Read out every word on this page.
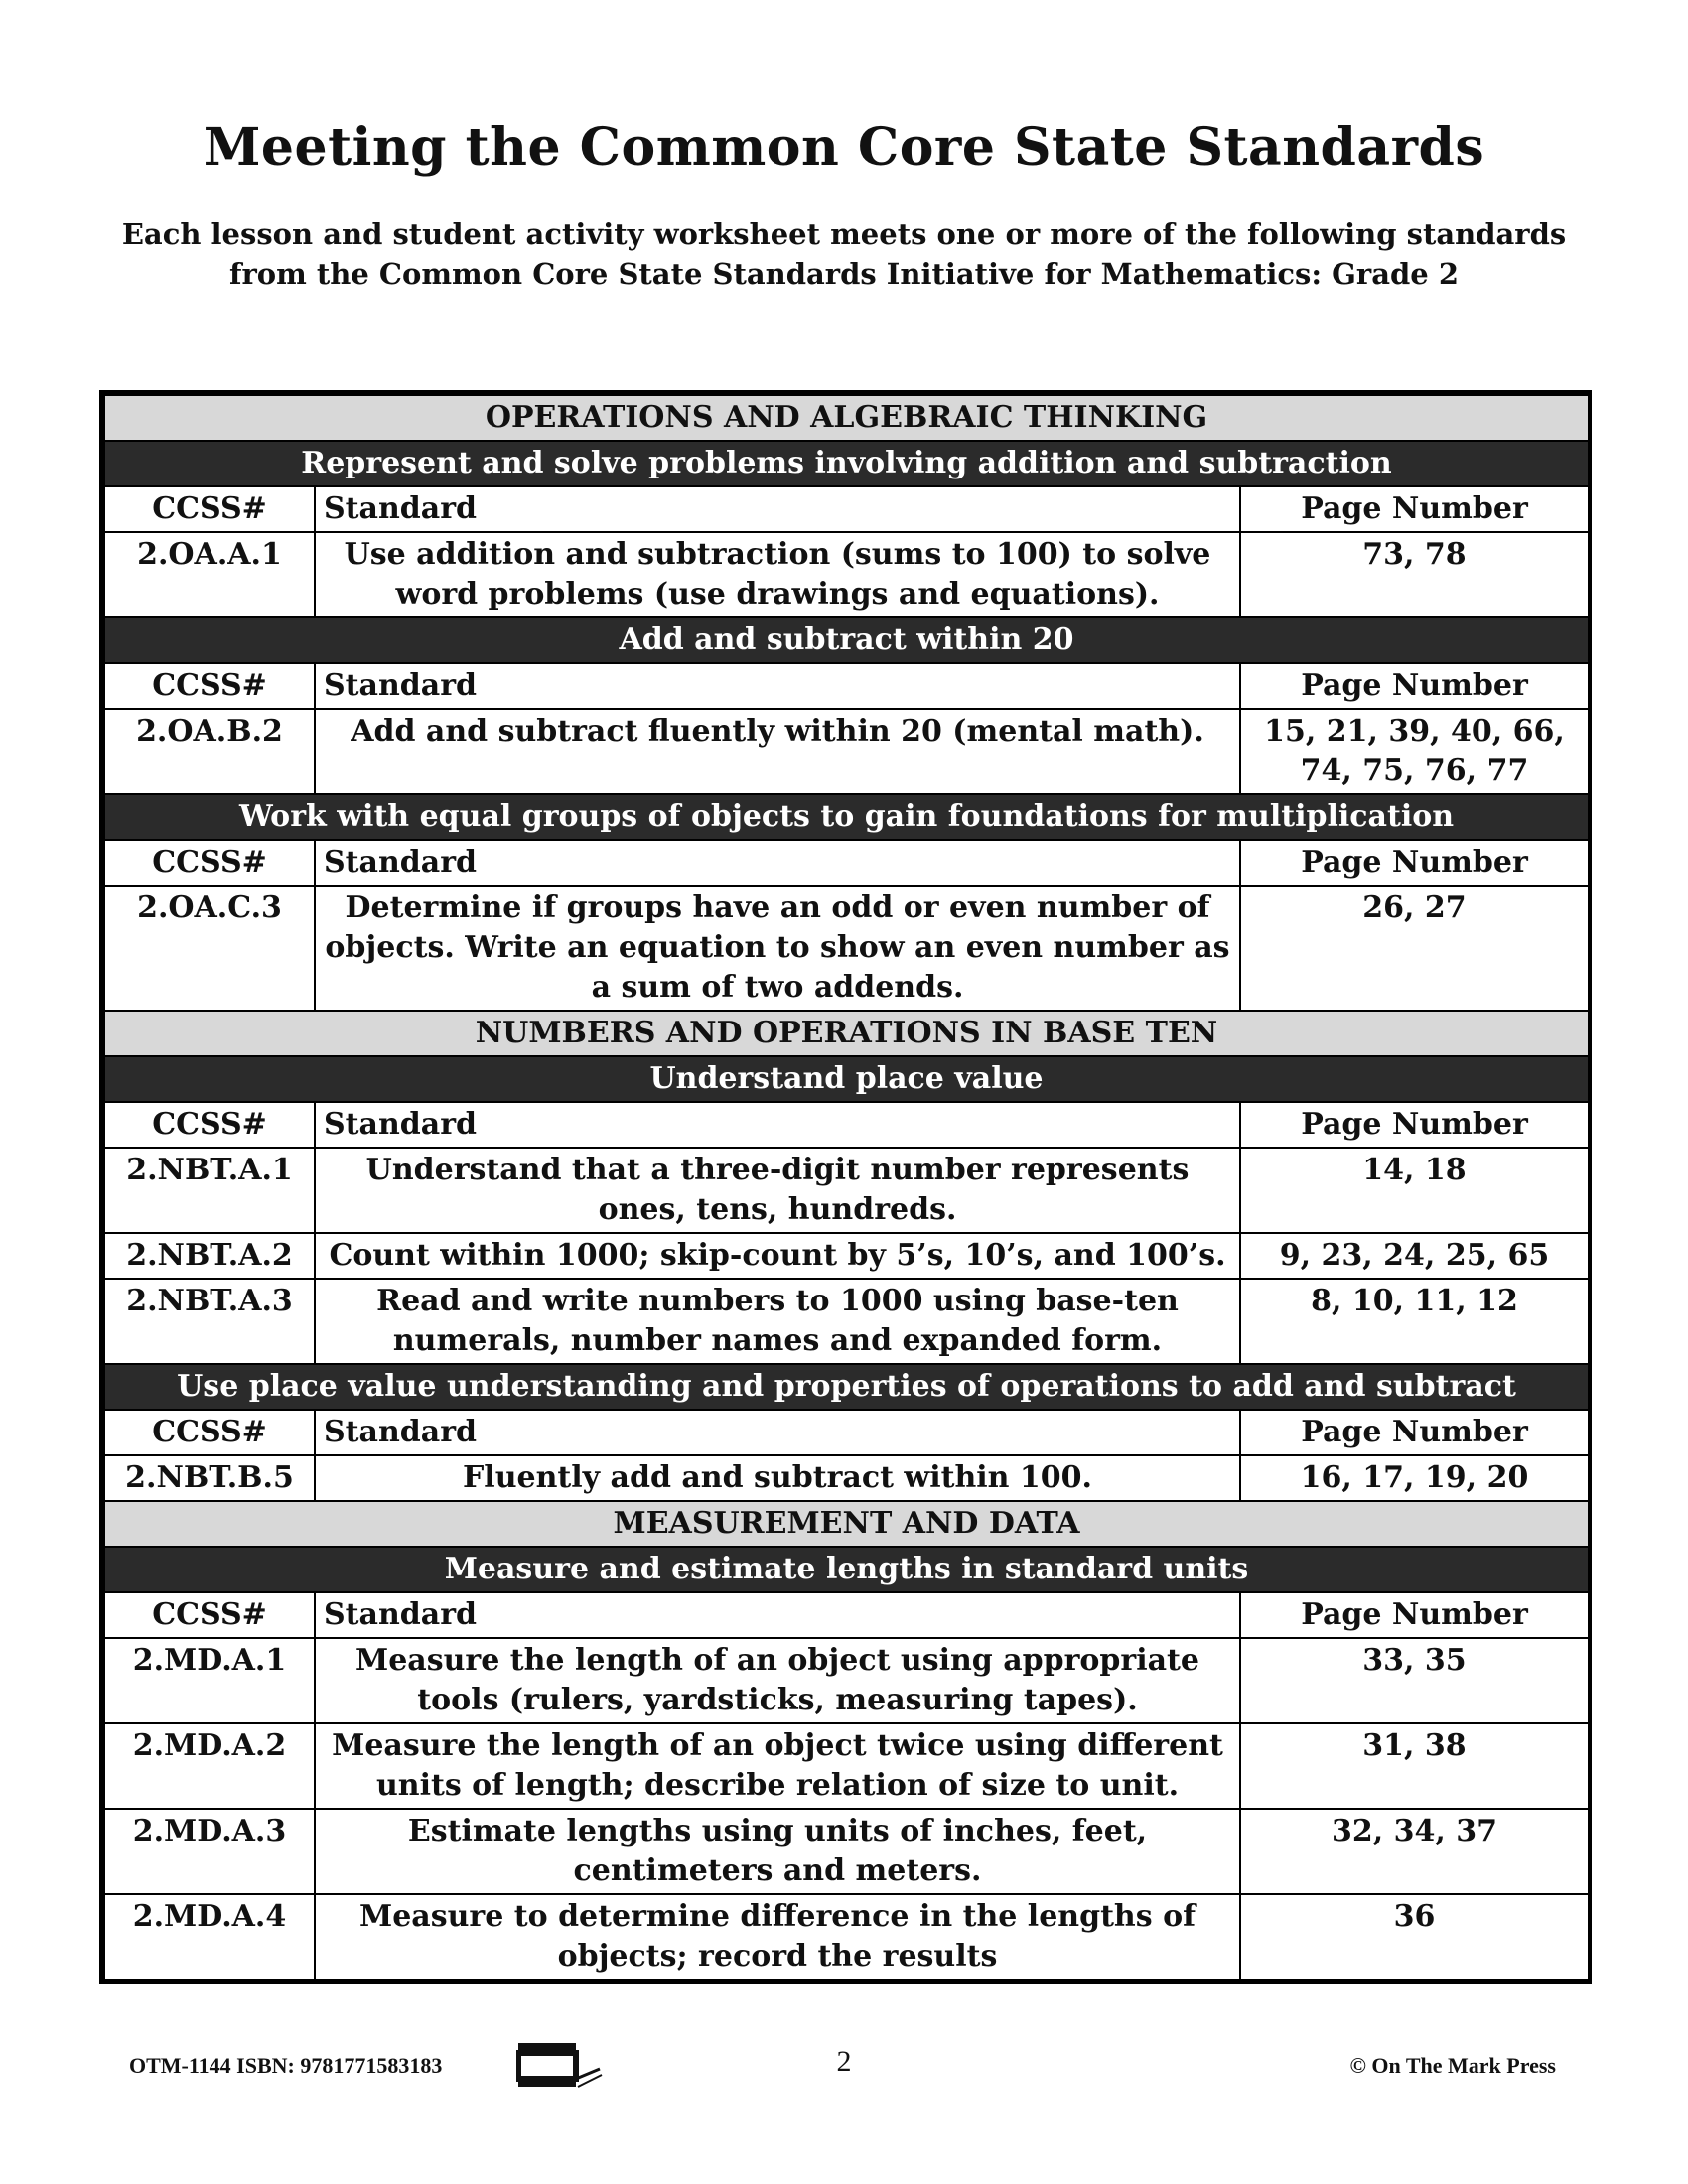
Meeting the Common Core State Standards
Each lesson and student activity worksheet meets one or more of the following standards
from the Common Core State Standards Initiative for Mathematics: Grade 2
OPERATIONS AND ALGEBRAIC THINKING		
Represent and solve problems involving addition and subtraction		
CCSS#	Standard	Page Number
2.OA.A.1	Use addition and subtraction (sums to 100) to solve word problems (use drawings and equations).	73, 78
Add and subtract within 20		
CCSS#	Standard	Page Number
2.OA.B.2	Add and subtract fluently within 20 (mental math).	15, 21, 39, 40, 66, 74, 75, 76, 77
Work with equal groups of objects to gain foundations for multiplication		
CCSS#	Standard	Page Number
2.OA.C.3	Determine if groups have an odd or even number of objects. Write an equation to show an even number as a sum of two addends.	26, 27
NUMBERS AND OPERATIONS IN BASE TEN		
Understand place value		
CCSS#	Standard	Page Number
2.NBT.A.1	Understand that a three-digit number represents ones, tens, hundreds.	14, 18
2.NBT.A.2	Count within 1000; skip-count by 5’s, 10’s, and 100’s.	9, 23, 24, 25, 65
2.NBT.A.3	Read and write numbers to 1000 using base-ten numerals, number names and expanded form.	8, 10, 11, 12
Use place value understanding and properties of operations to add and subtract		
CCSS#	Standard	Page Number
2.NBT.B.5	Fluently add and subtract within 100.	16, 17, 19, 20
MEASUREMENT AND DATA		
Measure and estimate lengths in standard units		
CCSS#	Standard	Page Number
2.MD.A.1	Measure the length of an object using appropriate tools (rulers, yardsticks, measuring tapes).	33, 35
2.MD.A.2	Measure the length of an object twice using different units of length; describe relation of size to unit.	31, 38
2.MD.A.3	Estimate lengths using units of inches, feet, centimeters and meters.	32, 34, 37
2.MD.A.4	Measure to determine difference in the lengths of objects; record the results	36
OTM-1144 ISBN: 9781771583183	2	© On The Mark Press
